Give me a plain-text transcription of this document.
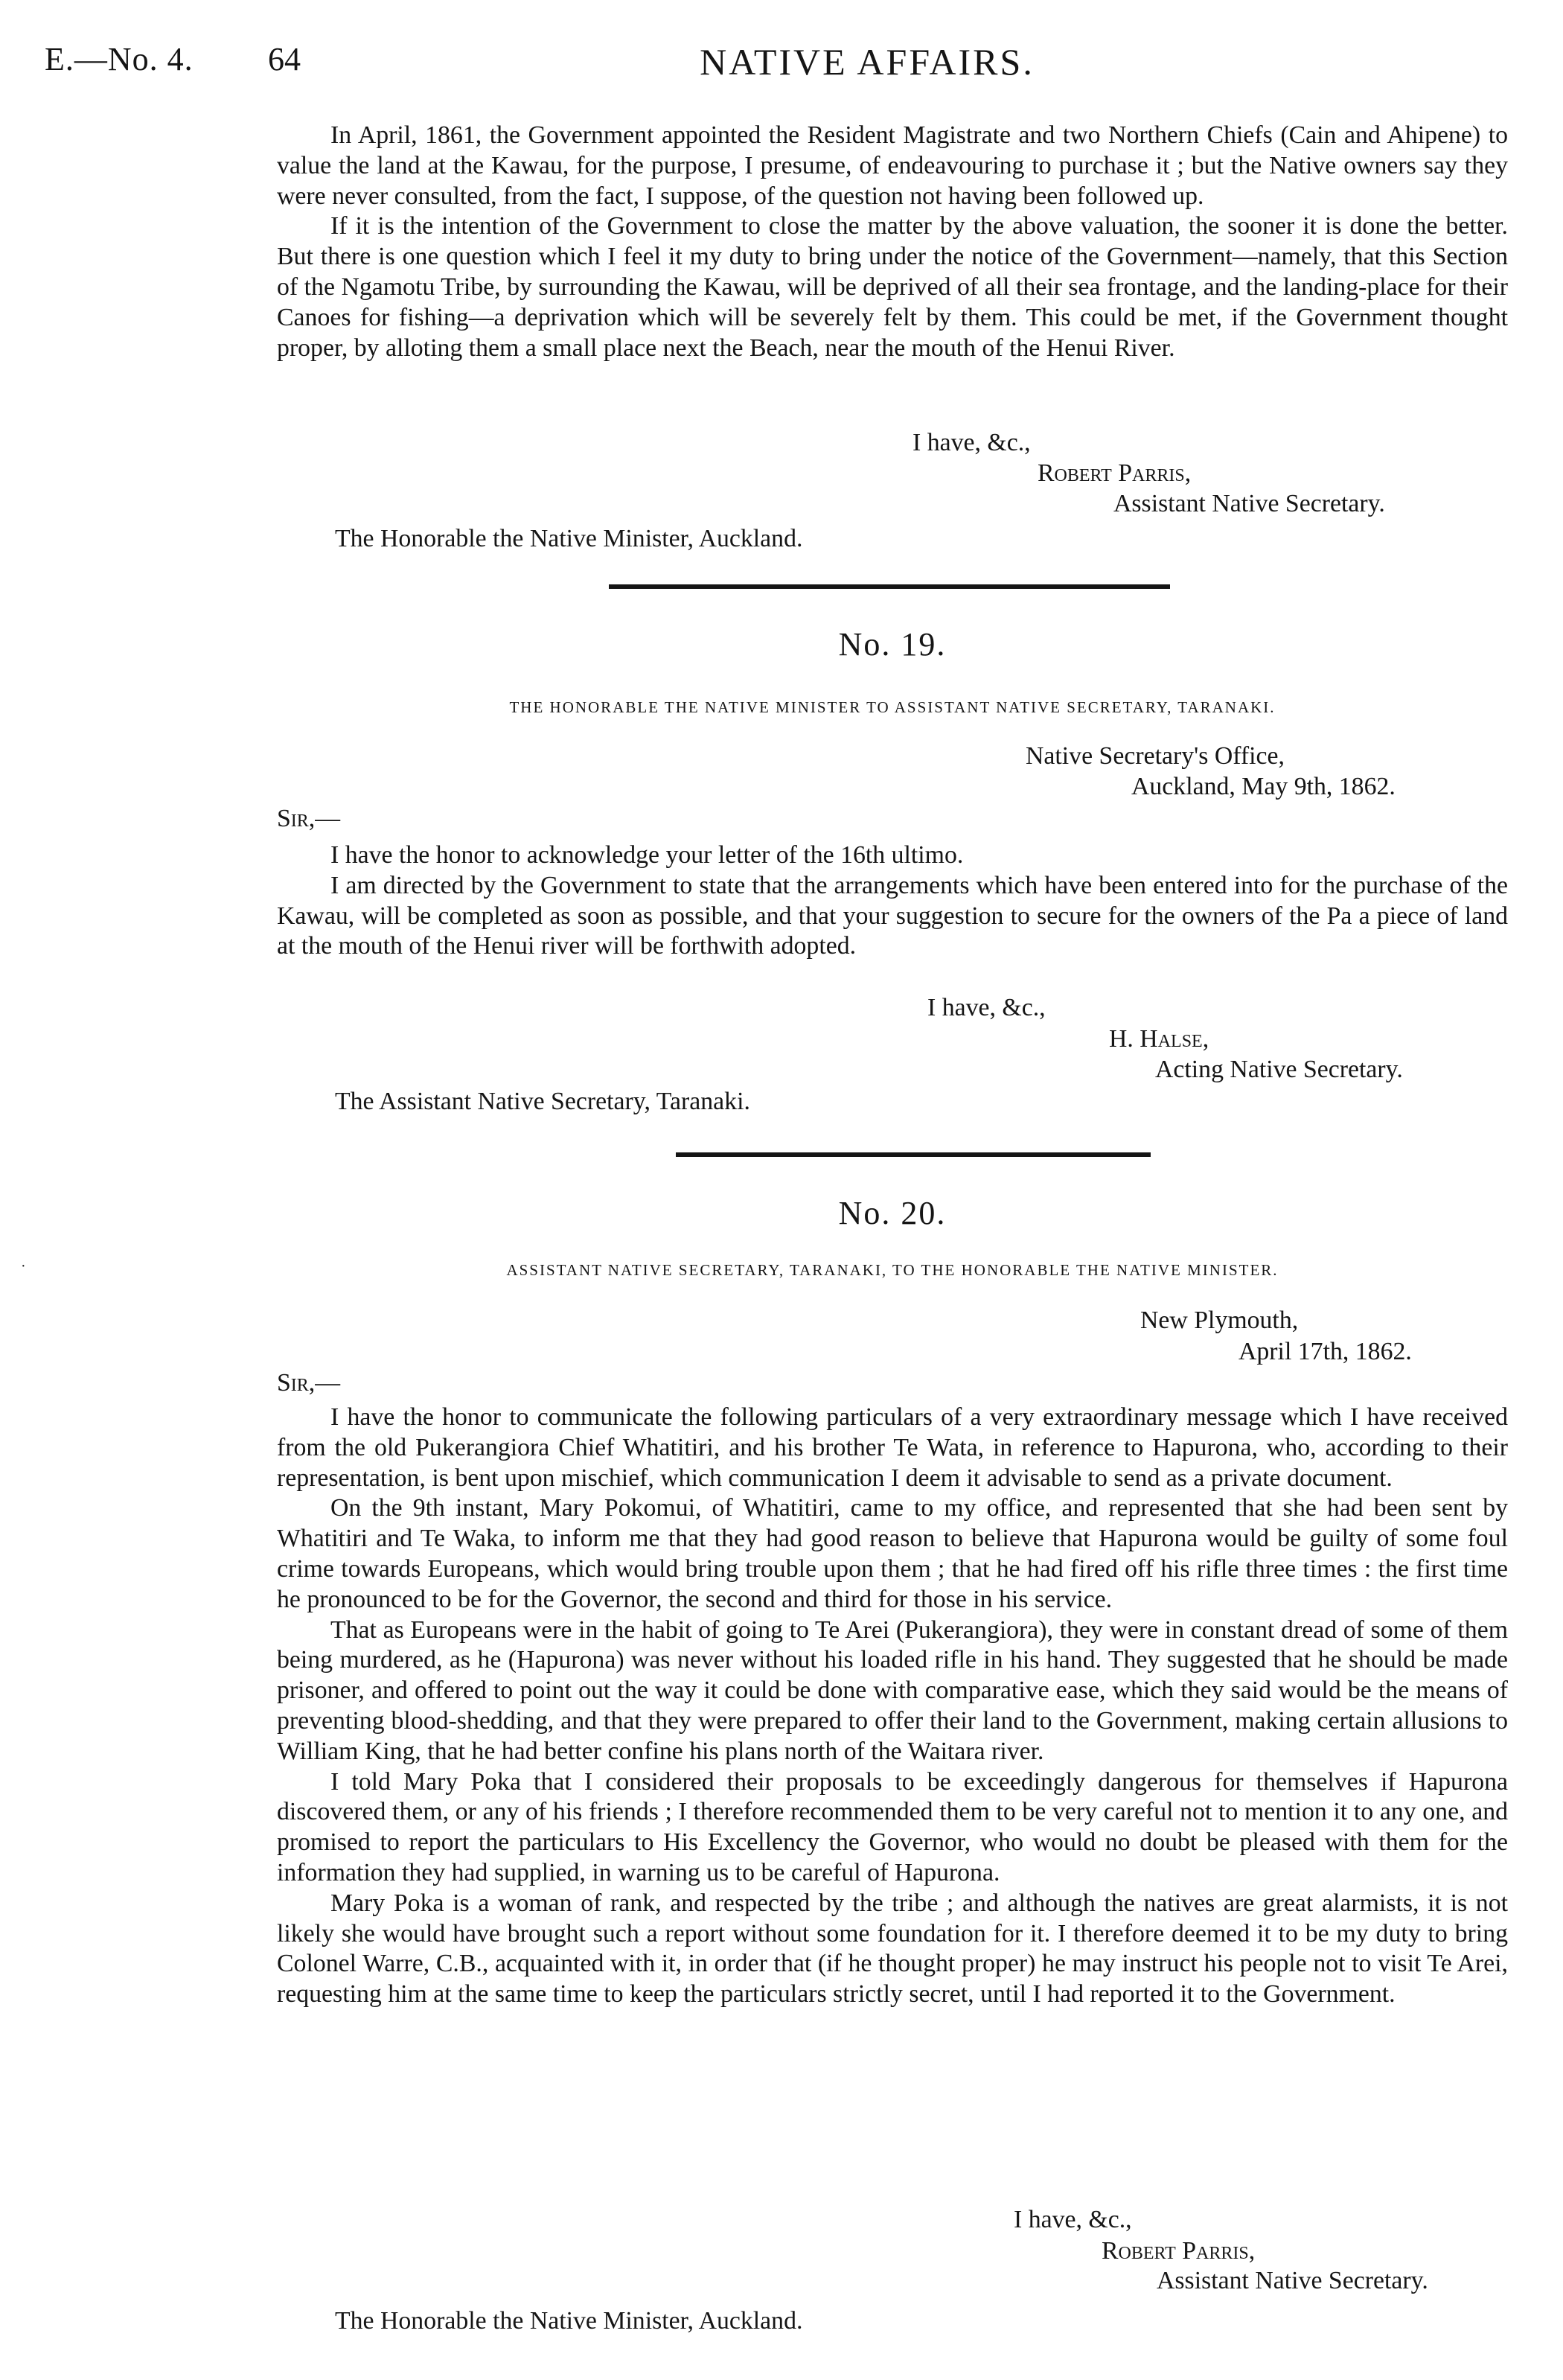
E.—No. 4. 64	NATIVE AFFAIRS.

In April, 1861, the Government appointed the Resident Magistrate and two Northern Chiefs (Cain and Ahipene) to value the land at the Kawau, for the purpose, I presume, of endeavouring to purchase it ; but the Native owners say they were never consulted, from the fact, I suppose, of the question not having been followed up.

If it is the intention of the Government to close the matter by the above valuation, the sooner it is done the better. But there is one question which I feel it my duty to bring under the notice of the Government—namely, that this Section of the Ngamotu Tribe, by surrounding the Kawau, will be deprived of all their sea frontage, and the landing-place for their Canoes for fishing—a deprivation which will be severely felt by them. This could be met, if the Government thought proper, by alloting them a small place next the Beach, near the mouth of the Henui River.

I have, &c.,
Robert Parris,
Assistant Native Secretary.
The Honorable the Native Minister, Auckland.
No. 19.
THE HONORABLE THE NATIVE MINISTER TO ASSISTANT NATIVE SECRETARY, TARANAKI.
Native Secretary's Office,
Auckland, May 9th, 1862.
Sir,—

I have the honor to acknowledge your letter of the 16th ultimo.

I am directed by the Government to state that the arrangements which have been entered into for the purchase of the Kawau, will be completed as soon as possible, and that your suggestion to secure for the owners of the Pa a piece of land at the mouth of the Henui river will be forthwith adopted.

I have, &c.,
H. Halse,
Acting Native Secretary.
The Assistant Native Secretary, Taranaki.
No. 20.
ASSISTANT NATIVE SECRETARY, TARANAKI, TO THE HONORABLE THE NATIVE MINISTER.
New Plymouth,
April 17th, 1862.
Sir,—

I have the honor to communicate the following particulars of a very extraordinary message which I have received from the old Pukerangiora Chief Whatitiri, and his brother Te Wata, in reference to Hapurona, who, according to their representation, is bent upon mischief, which communication I deem it advisable to send as a private document.

On the 9th instant, Mary Pokomui, of Whatitiri, came to my office, and represented that she had been sent by Whatitiri and Te Waka, to inform me that they had good reason to believe that Hapurona would be guilty of some foul crime towards Europeans, which would bring trouble upon them ; that he had fired off his rifle three times : the first time he pronounced to be for the Governor, the second and third for those in his service.

That as Europeans were in the habit of going to Te Arei (Pukerangiora), they were in constant dread of some of them being murdered, as he (Hapurona) was never without his loaded rifle in his hand. They suggested that he should be made prisoner, and offered to point out the way it could be done with comparative ease, which they said would be the means of preventing blood-shedding, and that they were prepared to offer their land to the Government, making certain allusions to William King, that he had better confine his plans north of the Waitara river.

I told Mary Poka that I considered their proposals to be exceedingly dangerous for themselves if Hapurona discovered them, or any of his friends ; I therefore recommended them to be very careful not to mention it to any one, and promised to report the particulars to His Excellency the Governor, who would no doubt be pleased with them for the information they had supplied, in warning us to be careful of Hapurona.

Mary Poka is a woman of rank, and respected by the tribe ; and although the natives are great alarmists, it is not likely she would have brought such a report without some foundation for it. I therefore deemed it to be my duty to bring Colonel Warre, C.B., acquainted with it, in order that (if he thought proper) he may instruct his people not to visit Te Arei, requesting him at the same time to keep the particulars strictly secret, until I had reported it to the Government.

I have, &c.,
Robert Parris,
Assistant Native Secretary.
The Honorable the Native Minister, Auckland.
·
